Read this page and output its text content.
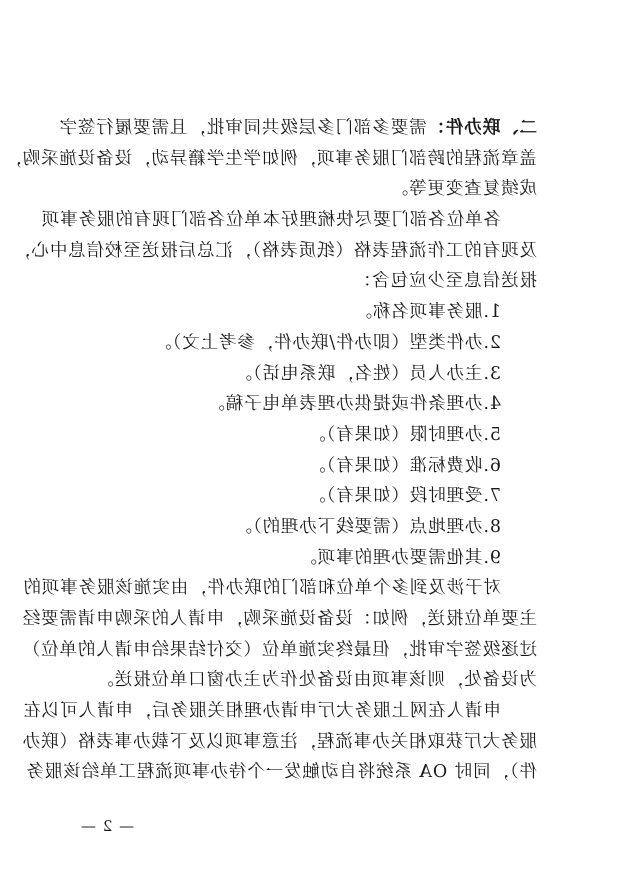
二、联办件：需要多部门多层级共同审批，且需要履行签字
盖章流程的跨部门服务事项，例如学生学籍异动，设备设施采购，
成绩复查变更等。
各单位各部门要尽快梳理好本单位各部门现有的服务事项
及现有的工作流程表格（纸质表格），汇总后报送至校信息中心，
报送信息至少应包含：
1.服务事项名称。
2.办件类型（即办件/联办件，参考上文）。
3.主办人员（姓名，联系电话）。
4.办理条件或提供办理表单电子稿。
5.办理时限（如果有）。
6.收费标准（如果有）。
7.受理时段（如果有）。
8.办理地点（需要线下办理的）。
9.其他需要办理的事项。
对于涉及到多个单位和部门的联办件，由实施该服务事项的
主要单位报送，例如：设备设施采购，申请人的采购申请需要经
过逐级签字审批，但最终实施单位（交付结果给申请人的单位）
为设备处，则该事项由设备处作为主办窗口单位报送。
申请人在网上服务大厅申请办理相关服务后，申请人可以在
服务大厅获取相关办事流程，注意事项以及下载办事表格（联办
件），同时 OA 系统将自动触发一个待办事项流程工单给该服务
— 2 —
